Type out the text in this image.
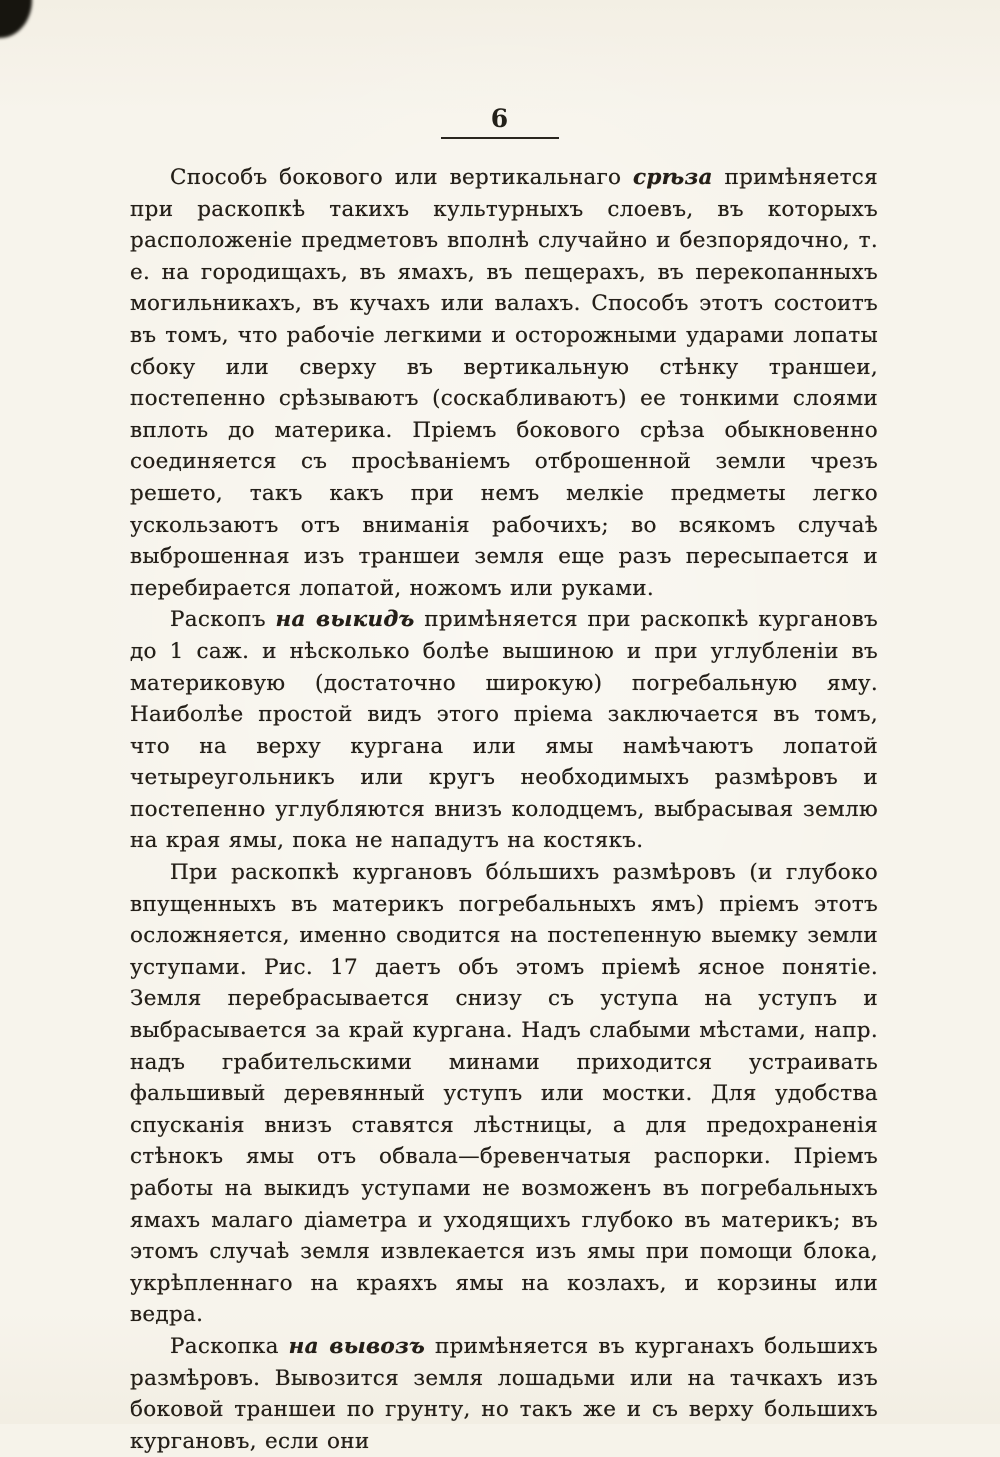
6

Способъ бокового или вертикальнаго срѣза примѣняется при раскопкѣ такихъ культурныхъ слоевъ, въ которыхъ расположеніе предметовъ вполнѣ случайно и безпорядочно, т. е. на городищахъ, въ ямахъ, въ пещерахъ, въ перекопанныхъ могильникахъ, въ кучахъ или валахъ. Способъ этотъ состоитъ въ томъ, что рабочіе легкими и осторожными ударами лопаты сбоку или сверху въ вертикальную стѣнку траншеи, постепенно срѣзываютъ (соскабливаютъ) ее тонкими слоями вплоть до материка. Пріемъ бокового срѣза обыкновенно соединяется съ просѣваніемъ отброшенной земли чрезъ решето, такъ какъ при немъ мелкіе предметы легко ускользаютъ отъ вниманія рабочихъ; во всякомъ случаѣ выброшенная изъ траншеи земля еще разъ пересыпается и перебирается лопатой, ножомъ или руками.

Раскопъ на выкидъ примѣняется при раскопкѣ кургановъ до 1 саж. и нѣсколько болѣе вышиною и при углубленіи въ материковую (достаточно широкую) погребальную яму. Наиболѣе простой видъ этого пріема заключается въ томъ, что на верху кургана или ямы намѣчаютъ лопатой четыреугольникъ или кругъ необходимыхъ размѣровъ и постепенно углубляются внизъ колодцемъ, выбрасывая землю на края ямы, пока не нападутъ на костякъ.

При раскопкѣ кургановъ бо́льшихъ размѣровъ (и глубоко впущенныхъ въ материкъ погребальныхъ ямъ) пріемъ этотъ осложняется, именно сводится на постепенную выемку земли уступами. Рис. 17 даетъ объ этомъ пріемѣ ясное понятіе. Земля перебрасывается снизу съ уступа на уступъ и выбрасывается за край кургана. Надъ слабыми мѣстами, напр. надъ грабительскими минами приходится устраивать фальшивый деревянный уступъ или мостки. Для удобства спусканія внизъ ставятся лѣстницы, а для предохраненія стѣнокъ ямы отъ обвала—бревенчатыя распорки. Пріемъ работы на выкидъ уступами не возможенъ въ погребальныхъ ямахъ малаго діаметра и уходящихъ глубоко въ материкъ; въ этомъ случаѣ земля извлекается изъ ямы при помощи блока, укрѣпленнаго на краяхъ ямы на козлахъ, и корзины или ведра.

Раскопка на вывозъ примѣняется въ курганахъ большихъ размѣровъ. Вывозится земля лошадьми или на тачкахъ изъ боковой траншеи по грунту, но такъ же и съ верху большихъ кургановъ, если они
